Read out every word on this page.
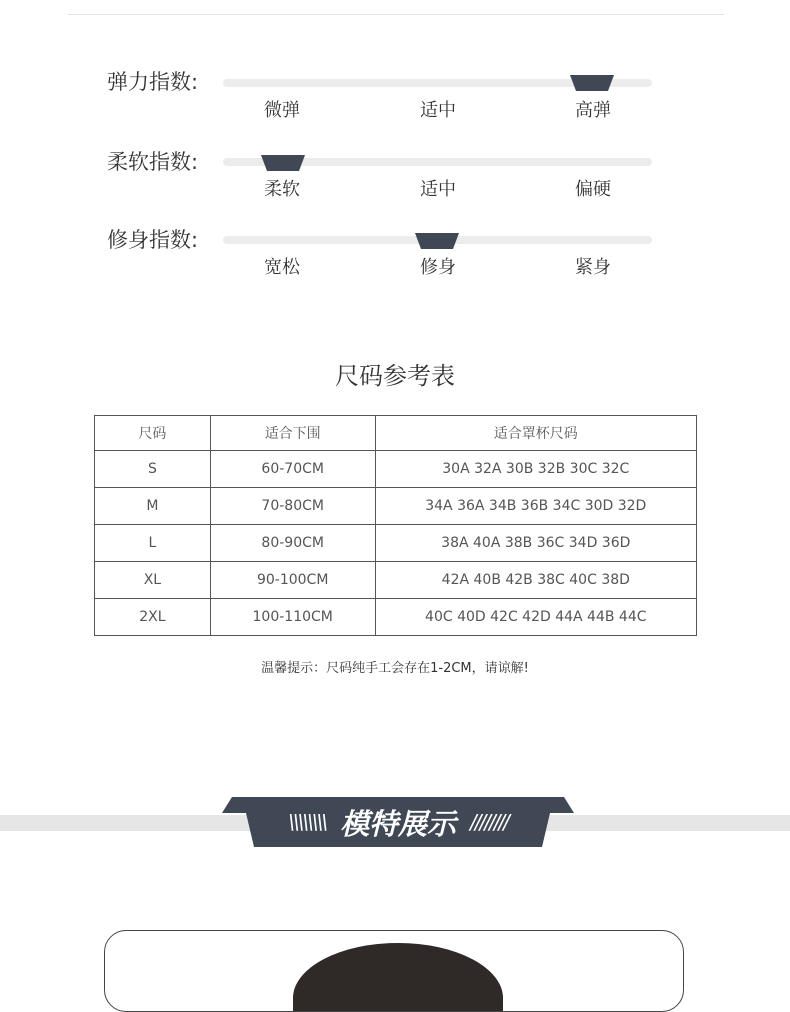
弹力指数:
微弹	适中	高弹
柔软指数:
柔软	适中	偏硬
修身指数:
宽松	修身	紧身
尺码参考表
尺码	适合下围	适合罩杯尺码
S	60-70CM	30A 32A 30B 32B 30C 32C
M	70-80CM	34A 36A 34B 36B 34C 30D 32D
L	80-90CM	38A 40A 38B 36C 34D 36D
XL	90-100CM	42A 40B 42B 38C 40C 38D
2XL	100-110CM	40C 40D 42C 42D 44A 44B 44C
温馨提示：尺码纯手工会存在1-2CM，请谅解!
\\\\\\\\ 模特展示 ////////
